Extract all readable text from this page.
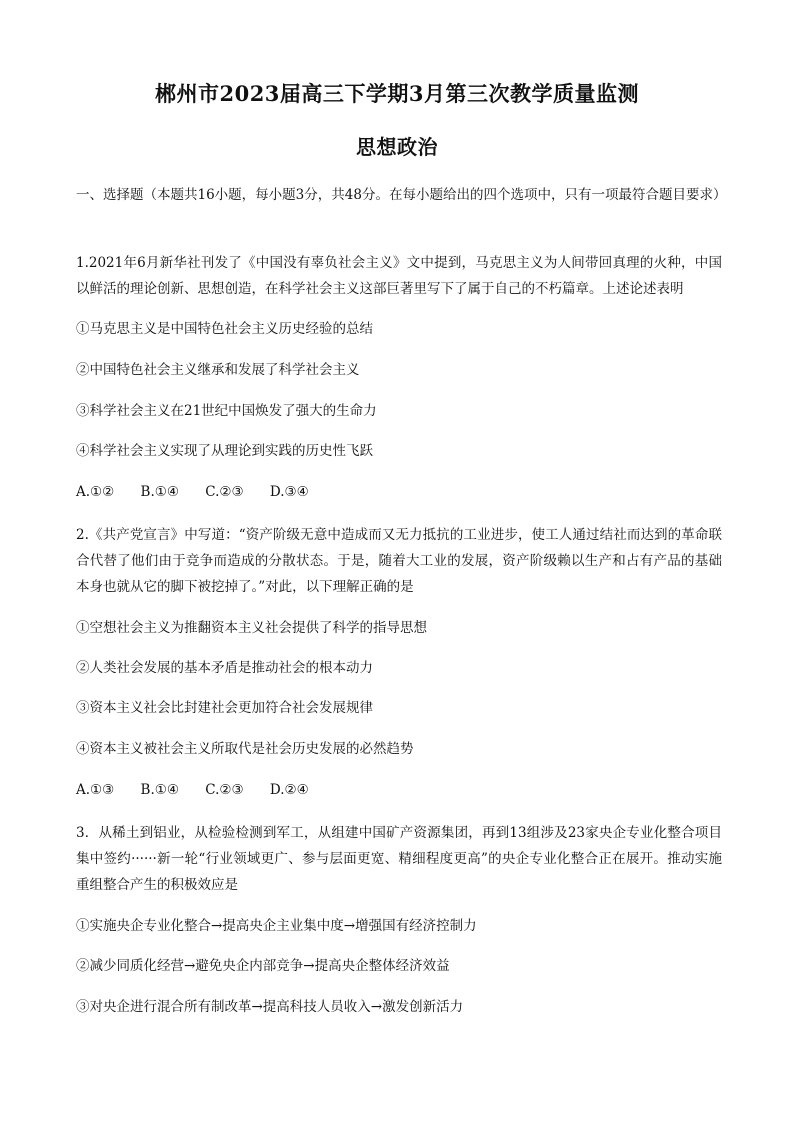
郴州市2023届高三下学期3月第三次教学质量监测
思想政治
一、选择题（本题共16小题，每小题3分，共48分。在每小题给出的四个选项中，只有一项最符合题目要求）
1.2021年6月新华社刊发了《中国没有辜负社会主义》文中提到，马克思主义为人间带回真理的火种，中国以鲜活的理论创新、思想创造，在科学社会主义这部巨著里写下了属于自己的不朽篇章。上述论述表明
①马克思主义是中国特色社会主义历史经验的总结
②中国特色社会主义继承和发展了科学社会主义
③科学社会主义在21世纪中国焕发了强大的生命力
④科学社会主义实现了从理论到实践的历史性飞跃
A.①② B.①④ C.②③ D.③④
2.《共产党宣言》中写道：“资产阶级无意中造成而又无力抵抗的工业进步，使工人通过结社而达到的革命联合代替了他们由于竞争而造成的分散状态。于是，随着大工业的发展，资产阶级赖以生产和占有产品的基础本身也就从它的脚下被挖掉了。”对此，以下理解正确的是
①空想社会主义为推翻资本主义社会提供了科学的指导思想
②人类社会发展的基本矛盾是推动社会的根本动力
③资本主义社会比封建社会更加符合社会发展规律
④资本主义被社会主义所取代是社会历史发展的必然趋势
A.①③ B.①④ C.②③ D.②④
3．从稀土到铝业，从检验检测到军工，从组建中国矿产资源集团，再到13组涉及23家央企专业化整合项目集中签约······新一轮“行业领域更广、参与层面更宽、精细程度更高”的央企专业化整合正在展开。推动实施重组整合产生的积极效应是
①实施央企专业化整合→提高央企主业集中度→增强国有经济控制力
②减少同质化经营→避免央企内部竞争→提高央企整体经济效益
③对央企进行混合所有制改革→提高科技人员收入→激发创新活力
